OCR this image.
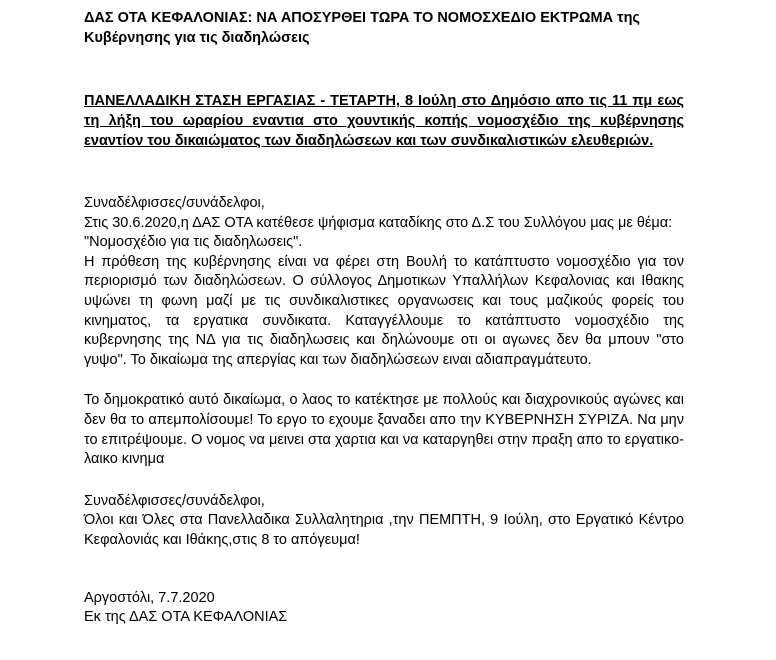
ΔΑΣ ΟΤΑ ΚΕΦΑΛΟΝΙΑΣ: ΝΑ ΑΠΟΣΥΡΘΕΙ ΤΩΡΑ ΤΟ ΝΟΜΟΣΧΕΔΙΟ ΕΚΤΡΩΜΑ της Κυβέρνησης για τις διαδηλώσεις
ΠΑΝΕΛΛΑΔΙΚΗ ΣΤΑΣΗ ΕΡΓΑΣΙΑΣ - ΤΕΤΑΡΤΗ, 8 Ιούλη στο Δημόσιο απο τις 11 πμ εως τη λήξη του ωραρίου εναντια στο χουντικής κοπής νομοσχέδιο της κυβέρνησης εναντίον του δικαιώματος των διαδηλώσεων και των συνδικαλιστικών ελευθεριών.

Συναδέλφισσες/συνάδελφοι,

Στις 30.6.2020,η ΔΑΣ ΟΤΑ κατέθεσε ψήφισμα καταδίκης στο Δ.Σ του Συλλόγου μας με θέμα:

"Νομοσχέδιο για τις διαδηλωσεις".

Η πρόθεση της κυβέρνησης είναι να φέρει στη Βουλή το κατάπτυστο νομοσχέδιο για τον περιορισμό των διαδηλώσεων. Ο σύλλογος Δημοτικων Υπαλλήλων Κεφαλονιας και Ιθακης υψώνει τη φωνη μαζί με τις συνδικαλιστικες οργανωσεις και τους μαζικούς φορείς του κινηματος, τα εργατικα συνδικατα. Καταγγέλλουμε το κατάπτυστο νομοσχέδιο της κυβερνησης της ΝΔ για τις διαδηλωσεις και δηλώνουμε οτι οι αγωνες δεν θα μπουν "στο γυψο". Το δικαίωμα της απεργίας και των διαδηλώσεων ειναι αδιαπραγμάτευτο.

Το δημοκρατικό αυτό δικαίωμα, ο λαος το κατέκτησε με πολλούς και διαχρονικούς αγώνες και δεν θα το απεμπολίσουμε! Το εργο το εχουμε ξαναδει απο την ΚΥΒΕΡΝΗΣΗ ΣΥΡΙΖΑ. Να μην το επιτρέψουμε. Ο νομος να μεινει στα χαρτια και να καταργηθει στην πραξη απο το εργατικο-λαικο κινημα

Συναδέλφισσες/συνάδελφοι,

Όλοι και Όλες στα Πανελλαδικα Συλλαλητηρια ,την ΠΕΜΠΤΗ, 9 Ιούλη, στο Εργατικό Κέντρο Κεφαλονιάς και Ιθάκης,στις 8 το απόγευμα!

Αργοστόλι, 7.7.2020

Εκ της ΔΑΣ ΟΤΑ ΚΕΦΑΛΟΝΙΑΣ
